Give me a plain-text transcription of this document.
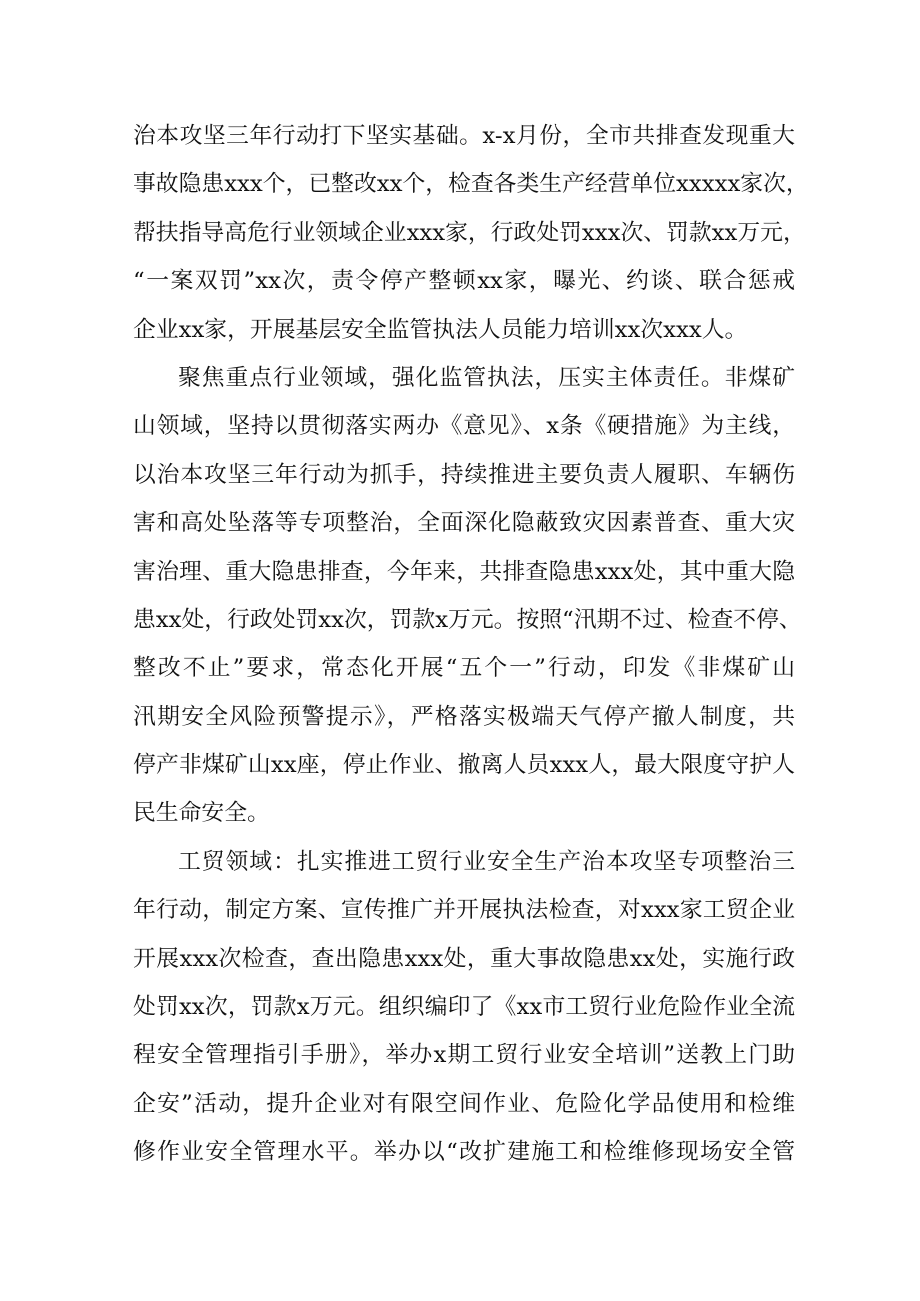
治本攻坚三年行动打下坚实基础。x-x月份，全市共排查发现重大
事故隐患xxx个，已整改xx个，检查各类生产经营单位xxxxx家次，
帮扶指导高危行业领域企业xxx家，行政处罚xxx次、罚款xx万元，
“一案双罚”xx次，责令停产整顿xx家，曝光、约谈、联合惩戒
企业xx家，开展基层安全监管执法人员能力培训xx次xxx人。
聚焦重点行业领域，强化监管执法，压实主体责任。非煤矿
山领域，坚持以贯彻落实两办《意见》、x条《硬措施》为主线，
以治本攻坚三年行动为抓手，持续推进主要负责人履职、车辆伤
害和高处坠落等专项整治，全面深化隐蔽致灾因素普查、重大灾
害治理、重大隐患排查，今年来，共排查隐患xxx处，其中重大隐
患xx处，行政处罚xx次，罚款x万元。按照“汛期不过、检查不停、
整改不止”要求，常态化开展“五个一”行动，印发《非煤矿山
汛期安全风险预警提示》，严格落实极端天气停产撤人制度，共
停产非煤矿山xx座，停止作业、撤离人员xxx人，最大限度守护人
民生命安全。
工贸领域：扎实推进工贸行业安全生产治本攻坚专项整治三
年行动，制定方案、宣传推广并开展执法检查，对xxx家工贸企业
开展xxx次检查，查出隐患xxx处，重大事故隐患xx处，实施行政
处罚xx次，罚款x万元。组织编印了《xx市工贸行业危险作业全流
程安全管理指引手册》，举办x期工贸行业安全培训”送教上门助
企安”活动，提升企业对有限空间作业、危险化学品使用和检维
修作业安全管理水平。举办以“改扩建施工和检维修现场安全管
